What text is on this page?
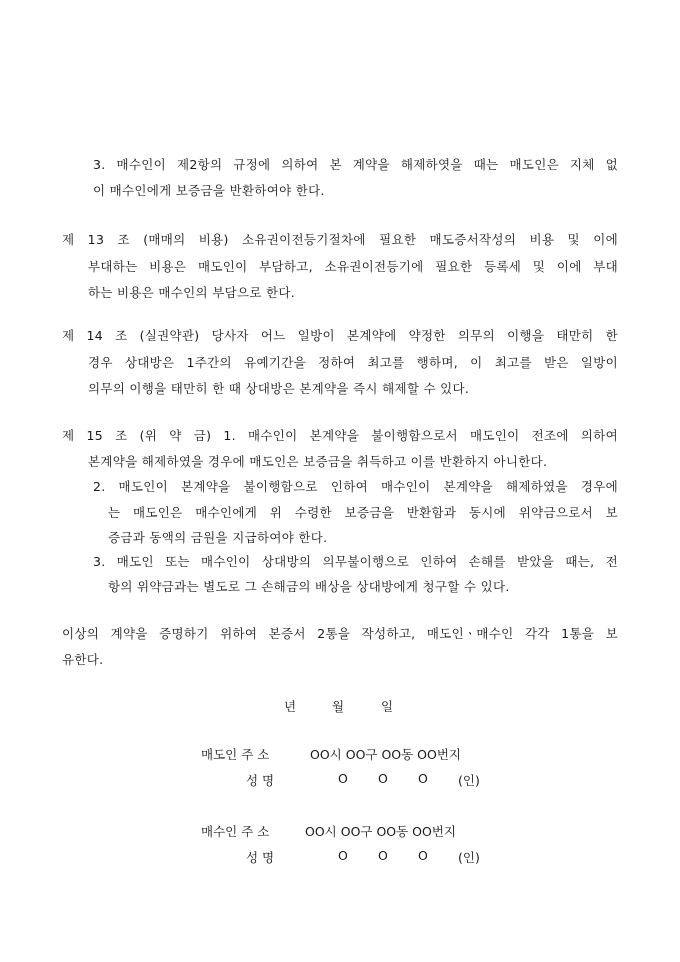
3. 매수인이 제2항의 규정에 의하여 본 계약을 해제하엿을 때는 매도인은 지체 없
이 매수인에게 보증금을 반환하여야 한다.
제 13 조 (매매의 비용) 소유권이전등기절차에 필요한 매도증서작성의 비용 및 이에
부대하는 비용은 매도인이 부담하고, 소유권이전등기에 필요한 등록세 및 이에 부대
하는 비용은 매수인의 부담으로 한다.
제 14 조 (실권약관) 당사자 어느 일방이 본계약에 약정한 의무의 이행을 태만히 한
경우 상대방은 1주간의 유예기간을 정하여 최고를 행하며, 이 최고를 받은 일방이
의무의 이행을 태만히 한 때 상대방은 본계약을 즉시 해제할 수 있다.
제 15 조 (위 약 금) 1. 매수인이 본계약을 불이행함으로서 매도인이 전조에 의하여
본계약을 해제하였을 경우에 매도인은 보증금을 취득하고 이를 반환하지 아니한다.
2. 매도인이 본계약을 불이행함으로 인하여 매수인이 본계약을 해제하였을 경우에
는 매도인은 매수인에게 위 수령한 보증금을 반환함과 동시에 위약금으로서 보
증금과 동액의 금원을 지급하여야 한다.
3. 매도인 또는 매수인이 상대방의 의무불이행으로 인하여 손해를 받았을 때는, 전
항의 위약금과는 별도로 그 손해금의 배상을 상대방에게 청구할 수 있다.
이상의 계약을 증명하기 위하여 본증서 2통을 작성하고, 매도인ㆍ매수인 각각 1통을 보
유한다.
년	월	일
매도인 주 소	OO시 OO구 OO동 OO번지
성 명	O O O (인)
매수인 주 소	OO시 OO구 OO동 OO번지
성 명	O O O (인)
